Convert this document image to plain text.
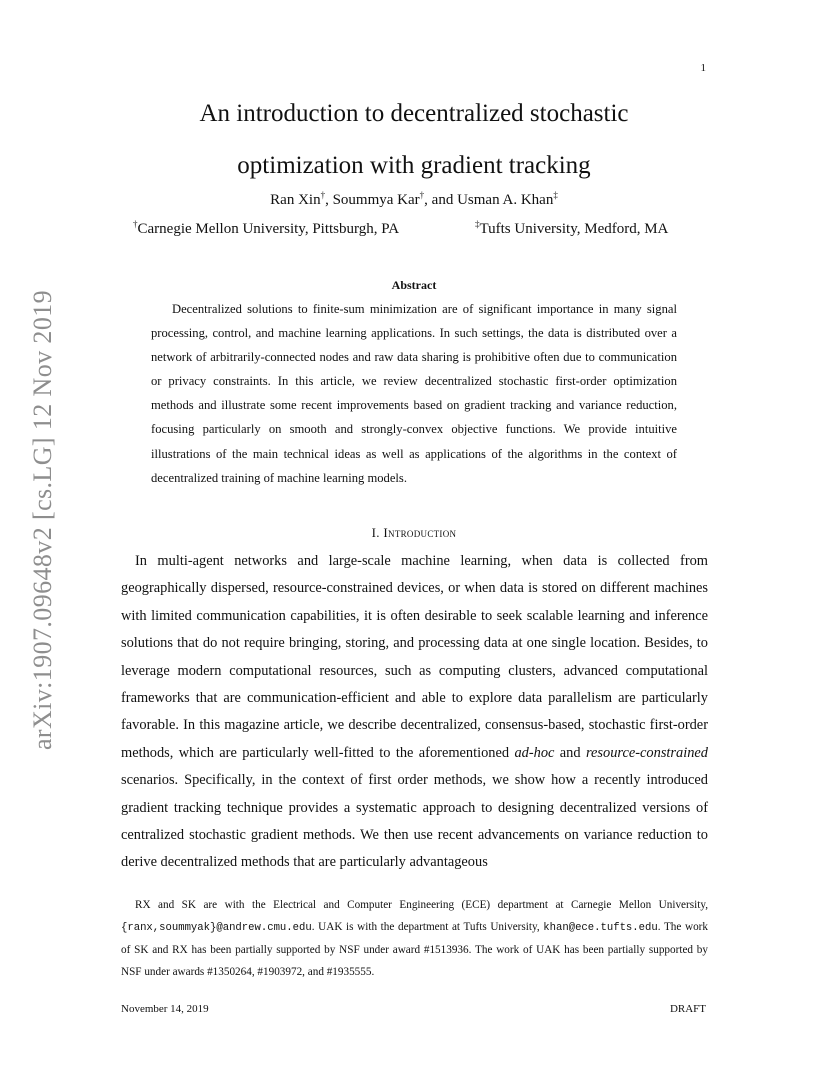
1
An introduction to decentralized stochastic
optimization with gradient tracking
Ran Xin†, Soummya Kar†, and Usman A. Khan‡
†Carnegie Mellon University, Pittsburgh, PA	‡Tufts University, Medford, MA
arXiv:1907.09648v2 [cs.LG] 12 Nov 2019
Abstract

Decentralized solutions to finite-sum minimization are of significant importance in many signal processing, control, and machine learning applications. In such settings, the data is distributed over a network of arbitrarily-connected nodes and raw data sharing is prohibitive often due to communication or privacy constraints. In this article, we review decentralized stochastic first-order optimization methods and illustrate some recent improvements based on gradient tracking and variance reduction, focusing particularly on smooth and strongly-convex objective functions. We provide intuitive illustrations of the main technical ideas as well as applications of the algorithms in the context of decentralized training of machine learning models.

I. Introduction

In multi-agent networks and large-scale machine learning, when data is collected from geographically dispersed, resource-constrained devices, or when data is stored on different machines with limited communication capabilities, it is often desirable to seek scalable learning and inference solutions that do not require bringing, storing, and processing data at one single location. Besides, to leverage modern computational resources, such as computing clusters, advanced computational frameworks that are communication-efficient and able to explore data parallelism are particularly favorable. In this magazine article, we describe decentralized, consensus-based, stochastic first-order methods, which are particularly well-fitted to the aforementioned ad-hoc and resource-constrained scenarios. Specifically, in the context of first order methods, we show how a recently introduced gradient tracking technique provides a systematic approach to designing decentralized versions of centralized stochastic gradient methods. We then use recent advancements on variance reduction to derive decentralized methods that are particularly advantageous

RX and SK are with the Electrical and Computer Engineering (ECE) department at Carnegie Mellon University, {ranx,soummyak}@andrew.cmu.edu. UAK is with the department at Tufts University, khan@ece.tufts.edu. The work of SK and RX has been partially supported by NSF under award #1513936. The work of UAK has been partially supported by NSF under awards #1350264, #1903972, and #1935555.

November 14, 2019	DRAFT
